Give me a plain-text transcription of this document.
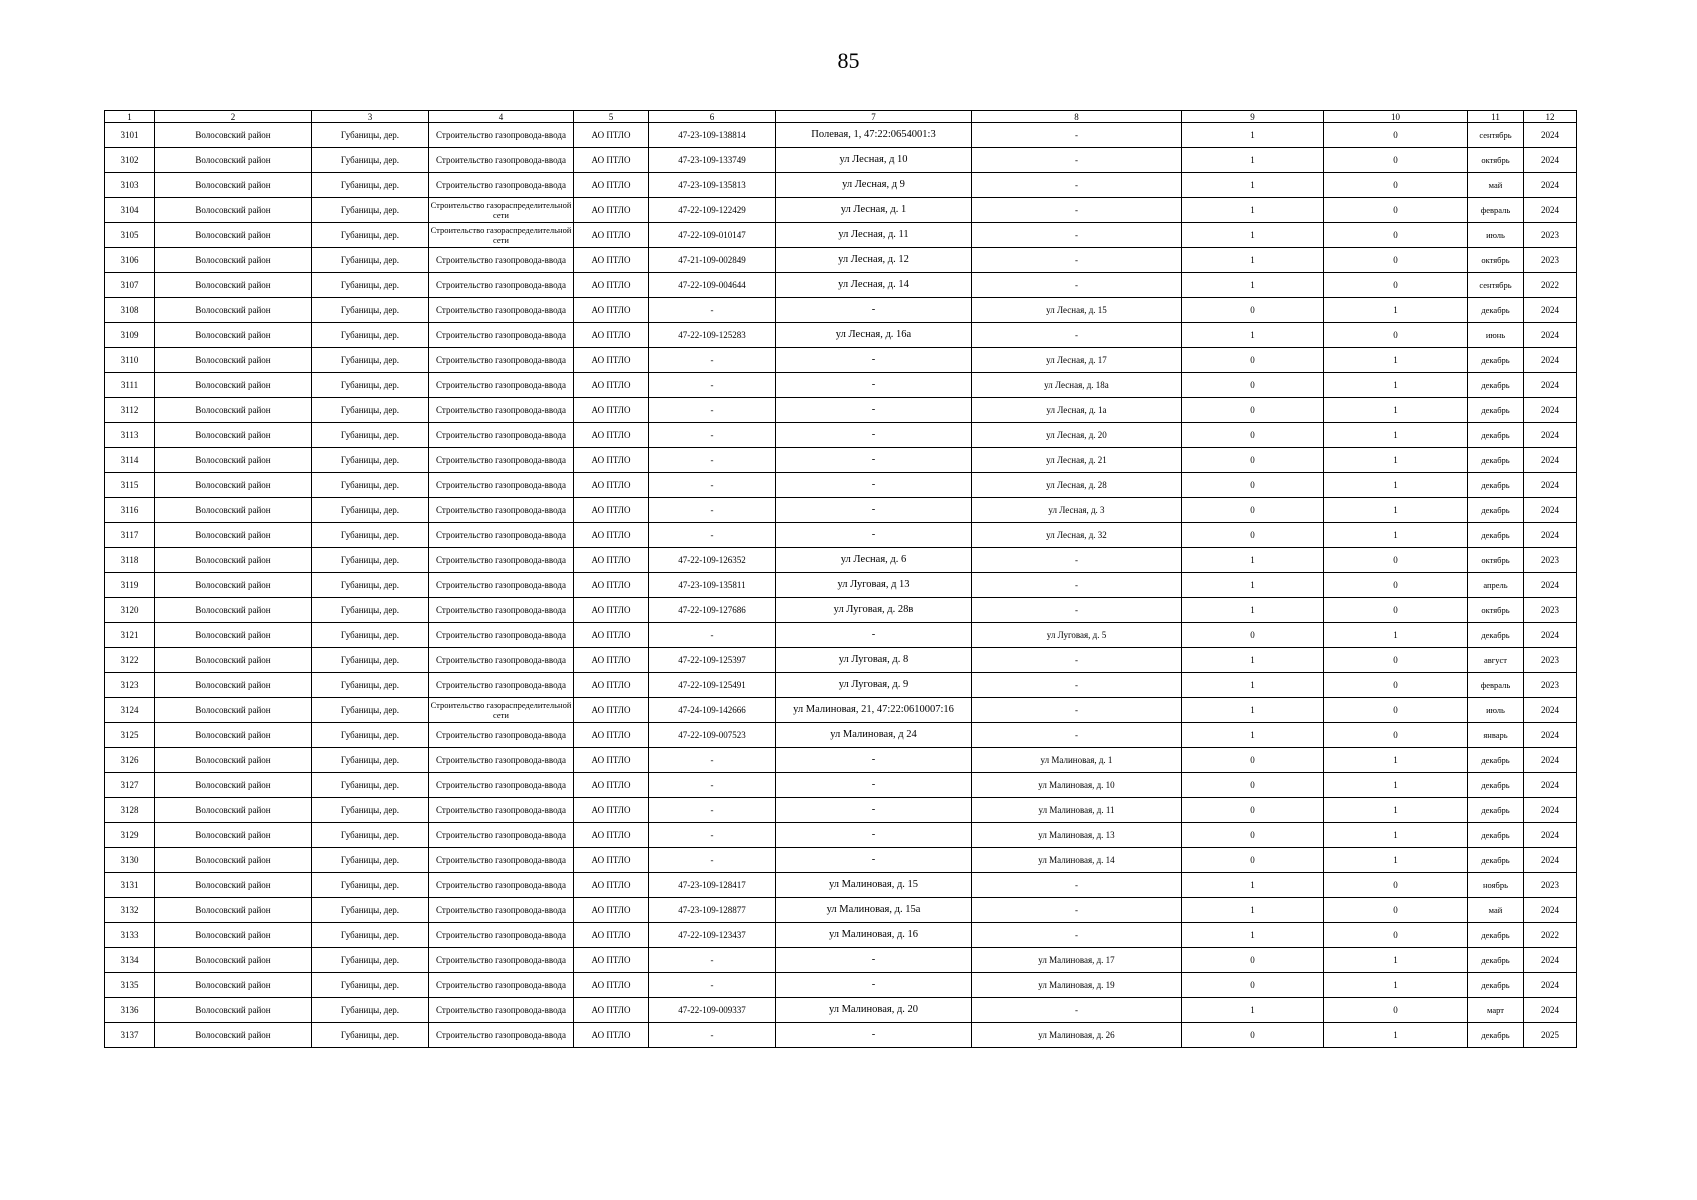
85
1	2	3	4	5	6	7	8	9	10	11	12
3101	Волосовский район	Губаницы, дер.	Строительство газопровода-ввода	АО ПТЛО	47-23-109-138814	Полевая, 1, 47:22:0654001:3	-	1	0	сентябрь	2024
3102	Волосовский район	Губаницы, дер.	Строительство газопровода-ввода	АО ПТЛО	47-23-109-133749	ул Лесная, д 10	-	1	0	октябрь	2024
3103	Волосовский район	Губаницы, дер.	Строительство газопровода-ввода	АО ПТЛО	47-23-109-135813	ул Лесная, д 9	-	1	0	май	2024
3104	Волосовский район	Губаницы, дер.	Строительство газораспределительной сети	АО ПТЛО	47-22-109-122429	ул Лесная, д. 1	-	1	0	февраль	2024
3105	Волосовский район	Губаницы, дер.	Строительство газораспределительной сети	АО ПТЛО	47-22-109-010147	ул Лесная, д. 11	-	1	0	июль	2023
3106	Волосовский район	Губаницы, дер.	Строительство газопровода-ввода	АО ПТЛО	47-21-109-002849	ул Лесная, д. 12	-	1	0	октябрь	2023
3107	Волосовский район	Губаницы, дер.	Строительство газопровода-ввода	АО ПТЛО	47-22-109-004644	ул Лесная, д. 14	-	1	0	сентябрь	2022
3108	Волосовский район	Губаницы, дер.	Строительство газопровода-ввода	АО ПТЛО	-	-	ул Лесная, д. 15	0	1	декабрь	2024
3109	Волосовский район	Губаницы, дер.	Строительство газопровода-ввода	АО ПТЛО	47-22-109-125283	ул Лесная, д. 16а	-	1	0	июнь	2024
3110	Волосовский район	Губаницы, дер.	Строительство газопровода-ввода	АО ПТЛО	-	-	ул Лесная, д. 17	0	1	декабрь	2024
3111	Волосовский район	Губаницы, дер.	Строительство газопровода-ввода	АО ПТЛО	-	-	ул Лесная, д. 18а	0	1	декабрь	2024
3112	Волосовский район	Губаницы, дер.	Строительство газопровода-ввода	АО ПТЛО	-	-	ул Лесная, д. 1а	0	1	декабрь	2024
3113	Волосовский район	Губаницы, дер.	Строительство газопровода-ввода	АО ПТЛО	-	-	ул Лесная, д. 20	0	1	декабрь	2024
3114	Волосовский район	Губаницы, дер.	Строительство газопровода-ввода	АО ПТЛО	-	-	ул Лесная, д. 21	0	1	декабрь	2024
3115	Волосовский район	Губаницы, дер.	Строительство газопровода-ввода	АО ПТЛО	-	-	ул Лесная, д. 28	0	1	декабрь	2024
3116	Волосовский район	Губаницы, дер.	Строительство газопровода-ввода	АО ПТЛО	-	-	ул Лесная, д. 3	0	1	декабрь	2024
3117	Волосовский район	Губаницы, дер.	Строительство газопровода-ввода	АО ПТЛО	-	-	ул Лесная, д. 32	0	1	декабрь	2024
3118	Волосовский район	Губаницы, дер.	Строительство газопровода-ввода	АО ПТЛО	47-22-109-126352	ул Лесная, д. 6	-	1	0	октябрь	2023
3119	Волосовский район	Губаницы, дер.	Строительство газопровода-ввода	АО ПТЛО	47-23-109-135811	ул Луговая, д 13	-	1	0	апрель	2024
3120	Волосовский район	Губаницы, дер.	Строительство газопровода-ввода	АО ПТЛО	47-22-109-127686	ул Луговая, д. 28в	-	1	0	октябрь	2023
3121	Волосовский район	Губаницы, дер.	Строительство газопровода-ввода	АО ПТЛО	-	-	ул Луговая, д. 5	0	1	декабрь	2024
3122	Волосовский район	Губаницы, дер.	Строительство газопровода-ввода	АО ПТЛО	47-22-109-125397	ул Луговая, д. 8	-	1	0	август	2023
3123	Волосовский район	Губаницы, дер.	Строительство газопровода-ввода	АО ПТЛО	47-22-109-125491	ул Луговая, д. 9	-	1	0	февраль	2023
3124	Волосовский район	Губаницы, дер.	Строительство газораспределительной сети	АО ПТЛО	47-24-109-142666	ул Малиновая, 21, 47:22:0610007:16	-	1	0	июль	2024
3125	Волосовский район	Губаницы, дер.	Строительство газопровода-ввода	АО ПТЛО	47-22-109-007523	ул Малиновая, д 24	-	1	0	январь	2024
3126	Волосовский район	Губаницы, дер.	Строительство газопровода-ввода	АО ПТЛО	-	-	ул Малиновая, д. 1	0	1	декабрь	2024
3127	Волосовский район	Губаницы, дер.	Строительство газопровода-ввода	АО ПТЛО	-	-	ул Малиновая, д. 10	0	1	декабрь	2024
3128	Волосовский район	Губаницы, дер.	Строительство газопровода-ввода	АО ПТЛО	-	-	ул Малиновая, д. 11	0	1	декабрь	2024
3129	Волосовский район	Губаницы, дер.	Строительство газопровода-ввода	АО ПТЛО	-	-	ул Малиновая, д. 13	0	1	декабрь	2024
3130	Волосовский район	Губаницы, дер.	Строительство газопровода-ввода	АО ПТЛО	-	-	ул Малиновая, д. 14	0	1	декабрь	2024
3131	Волосовский район	Губаницы, дер.	Строительство газопровода-ввода	АО ПТЛО	47-23-109-128417	ул Малиновая, д. 15	-	1	0	ноябрь	2023
3132	Волосовский район	Губаницы, дер.	Строительство газопровода-ввода	АО ПТЛО	47-23-109-128877	ул Малиновая, д. 15а	-	1	0	май	2024
3133	Волосовский район	Губаницы, дер.	Строительство газопровода-ввода	АО ПТЛО	47-22-109-123437	ул Малиновая, д. 16	-	1	0	декабрь	2022
3134	Волосовский район	Губаницы, дер.	Строительство газопровода-ввода	АО ПТЛО	-	-	ул Малиновая, д. 17	0	1	декабрь	2024
3135	Волосовский район	Губаницы, дер.	Строительство газопровода-ввода	АО ПТЛО	-	-	ул Малиновая, д. 19	0	1	декабрь	2024
3136	Волосовский район	Губаницы, дер.	Строительство газопровода-ввода	АО ПТЛО	47-22-109-009337	ул Малиновая, д. 20	-	1	0	март	2024
3137	Волосовский район	Губаницы, дер.	Строительство газопровода-ввода	АО ПТЛО	-	-	ул Малиновая, д. 26	0	1	декабрь	2025
